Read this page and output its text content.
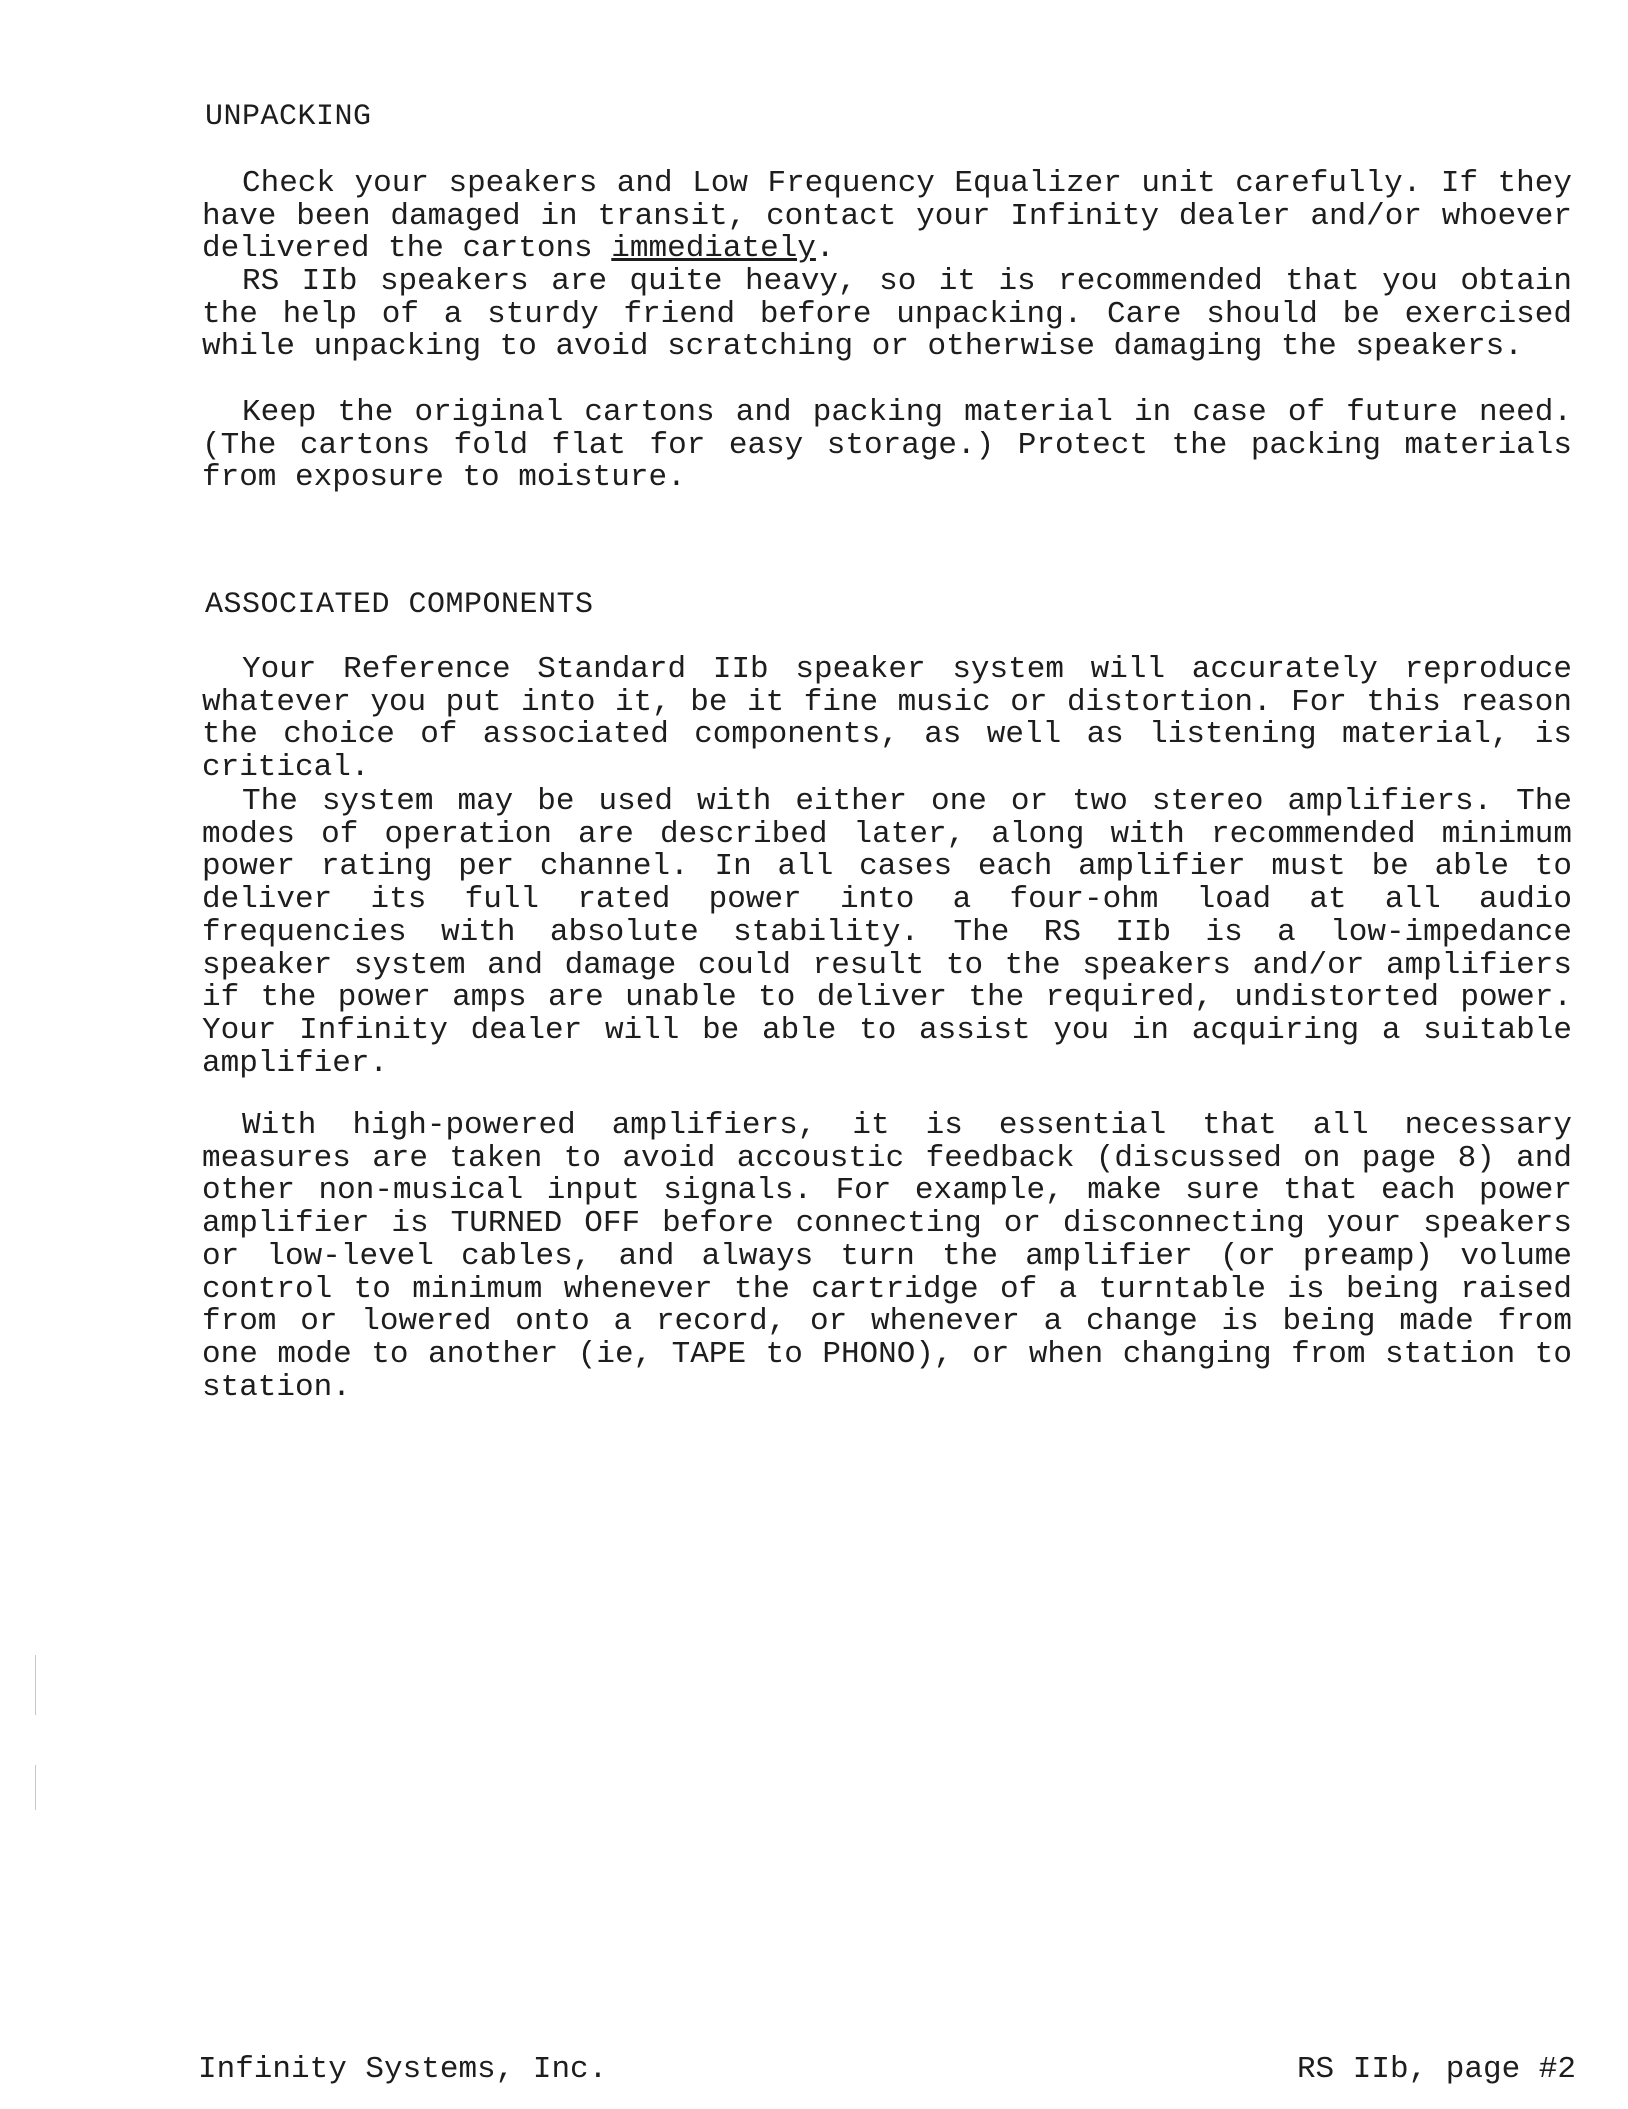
UNPACKING

Check your speakers and Low Frequency Equalizer unit carefully. If they have been damaged in transit, contact your Infinity dealer and/or whoever delivered the cartons immediately.

RS IIb speakers are quite heavy, so it is recommended that you obtain the help of a sturdy friend before unpacking. Care should be exercised while unpacking to avoid scratching or otherwise damaging the speakers.

Keep the original cartons and packing material in case of future need. (The cartons fold flat for easy storage.) Protect the packing materials from exposure to moisture.

ASSOCIATED COMPONENTS

Your Reference Standard IIb speaker system will accurately reproduce whatever you put into it, be it fine music or distortion. For this reason the choice of associated components, as well as listening material, is critical.

The system may be used with either one or two stereo amplifiers. The modes of operation are described later, along with recommended minimum power rating per channel. In all cases each amplifier must be able to deliver its full rated power into a four-ohm load at all audio frequencies with absolute stability. The RS IIb is a low-impedance speaker system and damage could result to the speakers and/or amplifiers if the power amps are unable to deliver the required, undistorted power. Your Infinity dealer will be able to assist you in acquiring a suitable amplifier.

With high-powered amplifiers, it is essential that all necessary measures are taken to avoid accoustic feedback (discussed on page 8) and other non-musical input signals. For example, make sure that each power amplifier is TURNED OFF before connecting or disconnecting your speakers or low-level cables, and always turn the amplifier (or preamp) volume control to minimum whenever the cartridge of a turntable is being raised from or lowered onto a record, or whenever a change is being made from one mode to another (ie, TAPE to PHONO), or when changing from station to station.

Infinity Systems, Inc.	RS IIb, page #2
